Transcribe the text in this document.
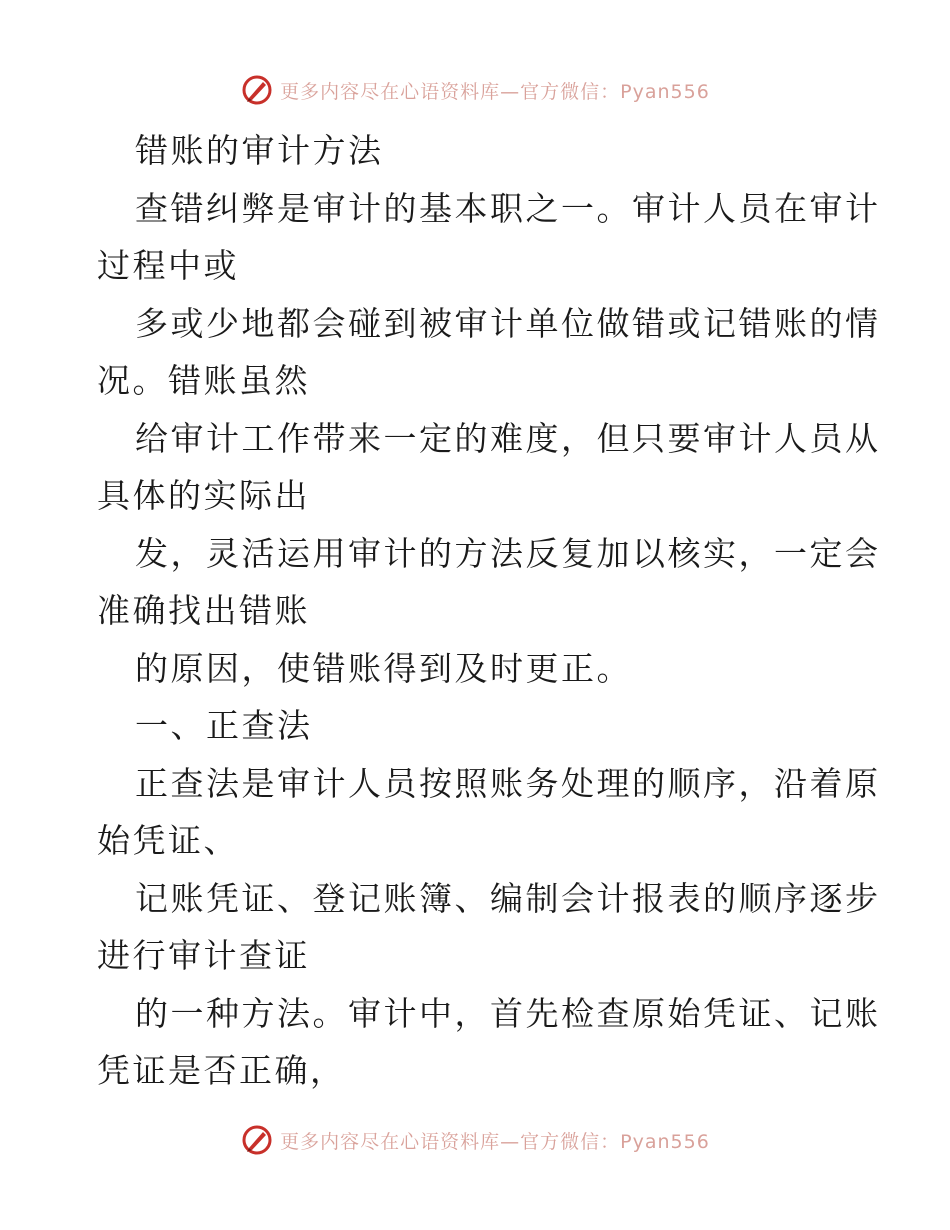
更多内容尽在心语资料库—官方微信：Pyan556
错账的审计方法
查错纠弊是审计的基本职之一。审计人员在审计
过程中或
多或少地都会碰到被审计单位做错或记错账的情
况。错账虽然
给审计工作带来一定的难度，但只要审计人员从
具体的实际出
发，灵活运用审计的方法反复加以核实，一定会
准确找出错账
的原因，使错账得到及时更正。
一、正查法
正查法是审计人员按照账务处理的顺序，沿着原
始凭证、
记账凭证、登记账簿、编制会计报表的顺序逐步
进行审计查证
的一种方法。审计中，首先检查原始凭证、记账
凭证是否正确，
更多内容尽在心语资料库—官方微信：Pyan556
